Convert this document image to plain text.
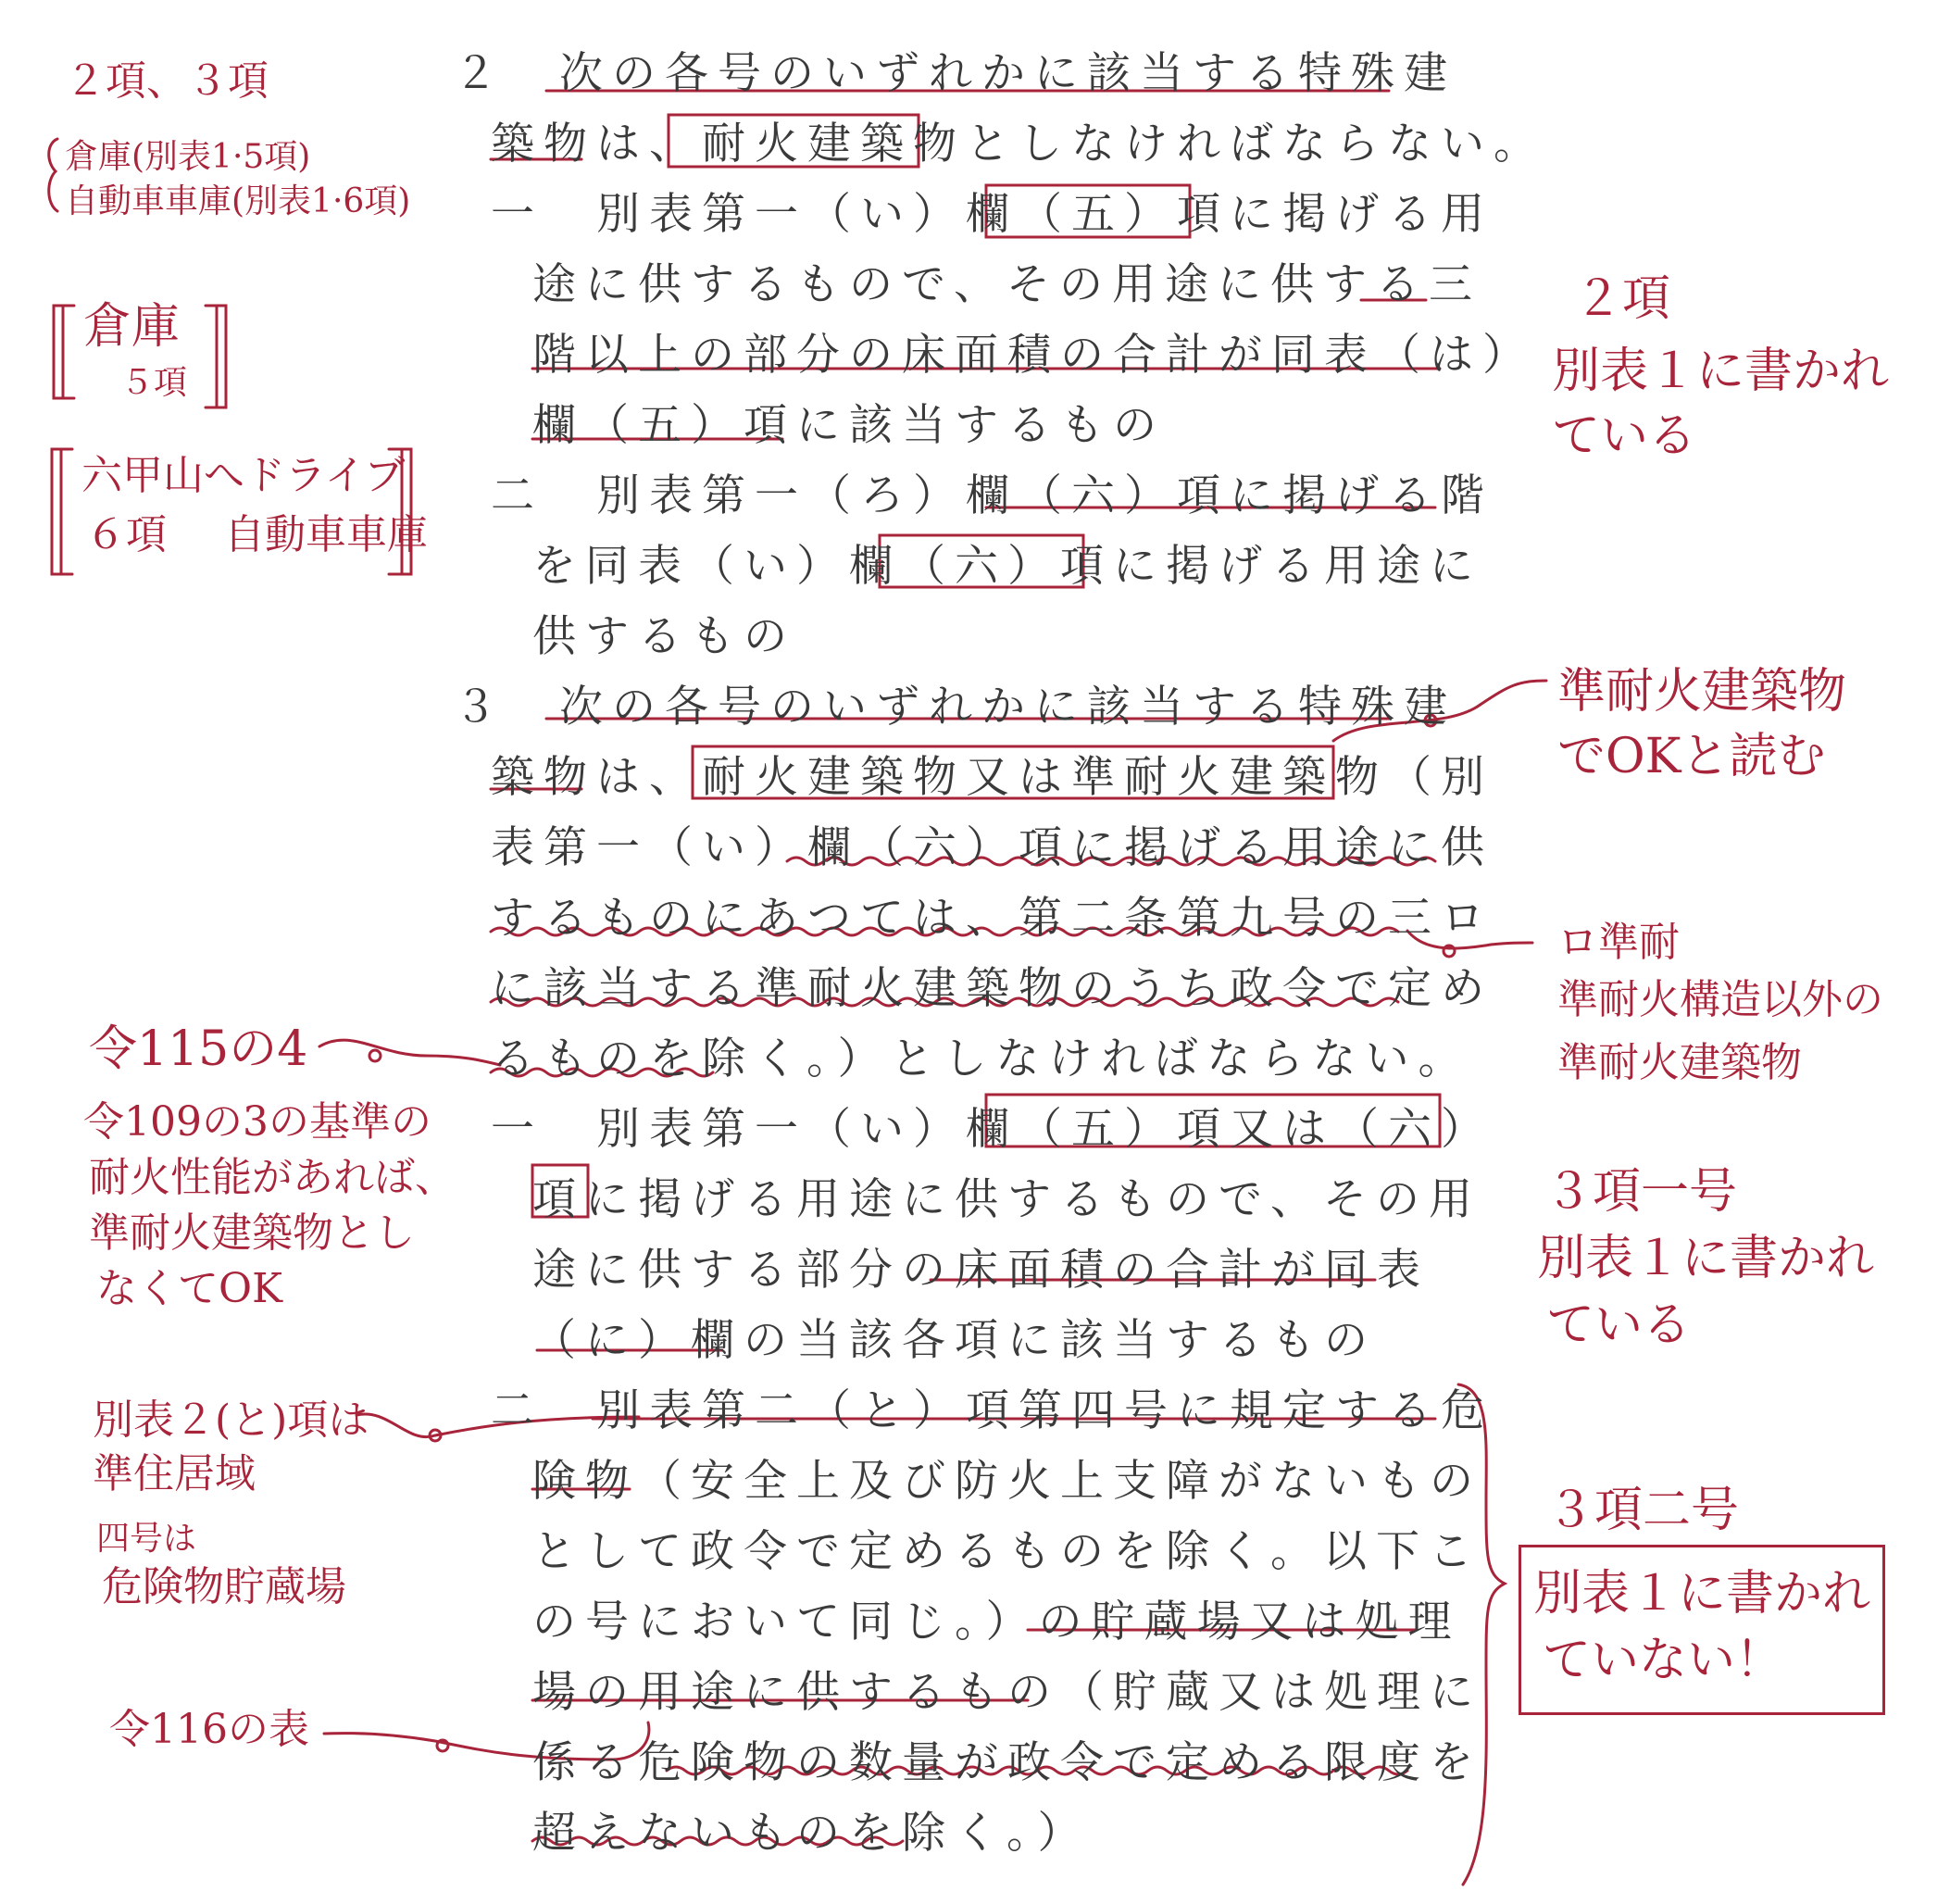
２　次の各号のいずれかに該当する特殊建
築物は、耐火建築物としなければならない。
一　別表第一（い）欄（五）項に掲げる用
途に供するもので、その用途に供する三
階以上の部分の床面積の合計が同表（は）
欄（五）項に該当するもの
二　別表第一（ろ）欄（六）項に掲げる階
を同表（い）欄（六）項に掲げる用途に
供するもの
３　次の各号のいずれかに該当する特殊建
築物は、耐火建築物又は準耐火建築物（別
表第一（い）欄（六）項に掲げる用途に供
するものにあつては、第二条第九号の三ロ
に該当する準耐火建築物のうち政令で定め
るものを除く。）としなければならない。
一　別表第一（い）欄（五）項又は（六）
項に掲げる用途に供するもので、その用
途に供する部分の床面積の合計が同表
（に）欄の当該各項に該当するもの
二　別表第二（と）項第四号に規定する危
険物（安全上及び防火上支障がないもの
として政令で定めるものを除く。以下こ
の号において同じ。）の貯蔵場又は処理
場の用途に供するもの（貯蔵又は処理に
係る危険物の数量が政令で定める限度を
超えないものを除く。）
２項、３項
倉庫(別表1·5項)
自動車車庫(別表1·6項)
倉庫
５項
六甲山へドライブ
６項 自動車車庫
令115の4
令109の3の基準の
耐火性能があれば、
準耐火建築物とし
なくてOK
別表２(と)項は
準住居域
四号は
危険物貯蔵場
令116の表
２項
別表１に書かれ
ている
準耐火建築物
でOKと読む
ロ準耐
準耐火構造以外の
準耐火建築物
３項一号
別表１に書かれ
ている
３項二号
別表１に書かれ
ていない！
